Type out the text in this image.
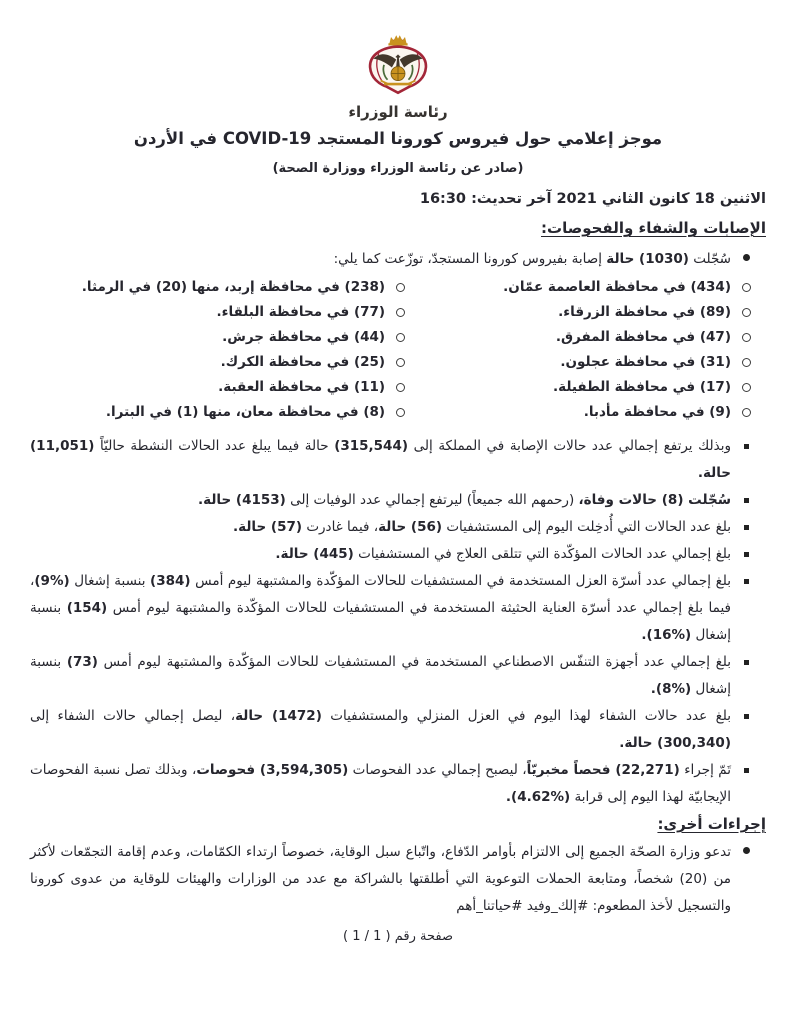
رئاسة الوزراء
موجز إعلامي حول فيروس كورونا المستجد COVID-19 في الأردن
(صادر عن رئاسة الوزراء ووزارة الصحة)
الاثنين 18 كانون الثاني 2021 آخر تحديث: 16:30
الإصابات والشفاء والفحوصات:
سُجّلت (1030) حالة إصابة بفيروس كورونا المستجدّ، توزّعت كما يلي:
(434) في محافظة العاصمة عمّان.
(89) في محافظة الزرقاء.
(47) في محافظة المفرق.
(31) في محافظة عجلون.
(17) في محافظة الطفيلة.
(9) في محافظة مأدبا.
(238) في محافظة إربد، منها (20) في الرمثا.
(77) في محافظة البلقاء.
(44) في محافظة جرش.
(25) في محافظة الكرك.
(11) في محافظة العقبة.
(8) في محافظة معان، منها (1) في البترا.
وبذلك يرتفع إجمالي عدد حالات الإصابة في المملكة إلى (315,544) حالة فيما يبلغ عدد الحالات النشطة حاليّاً (11,051) حالة.
سُجّلت (8) حالات وفاة، (رحمهم الله جميعاً) ليرتفع إجمالي عدد الوفيات إلى (4153) حالة.
بلغ عدد الحالات التي أُدخِلت اليوم إلى المستشفيات (56) حالة، فيما غادرت (57) حالة.
بلغ إجمالي عدد الحالات المؤكّدة التي تتلقى العلاج في المستشفيات (445) حالة.
بلغ إجمالي عدد أسرّة العزل المستخدمة في المستشفيات للحالات المؤكّدة والمشتبهة ليوم أمس (384) بنسبة إشغال (%9)، فيما بلغ إجمالي عدد أسرّة العناية الحثيثة المستخدمة في المستشفيات للحالات المؤكّدة والمشتبهة ليوم أمس (154) بنسبة إشغال (%16).
بلغ إجمالي عدد أجهزة التنفّس الاصطناعي المستخدمة في المستشفيات للحالات المؤكّدة والمشتبهة ليوم أمس (73) بنسبة إشغال (%8).
بلغ عدد حالات الشفاء لهذا اليوم في العزل المنزلي والمستشفيات (1472) حالة، ليصل إجمالي حالات الشفاء إلى (300,340) حالة.
تَمّ إجراء (22,271) فحصاً مخبريّاً، ليصبح إجمالي عدد الفحوصات (3,594,305) فحوصات، وبذلك تصل نسبة الفحوصات الإيجابيّة لهذا اليوم إلى قرابة (%4.62).
إجراءات أخرى:
تدعو وزارة الصحّة الجميع إلى الالتزام بأوامر الدّفاع، واتّباع سبل الوقاية، خصوصاً ارتداء الكمّامات، وعدم إقامة التجمّعات لأكثر من (20) شخصاً، ومتابعة الحملات التوعوية التي أطلقتها بالشراكة مع عدد من الوزارات والهيئات للوقاية من عدوى كورونا والتسجيل لأخذ المطعوم: #إلك_وفيد #حياتنا_أهم
صفحة رقم ( 1 / 1 )
